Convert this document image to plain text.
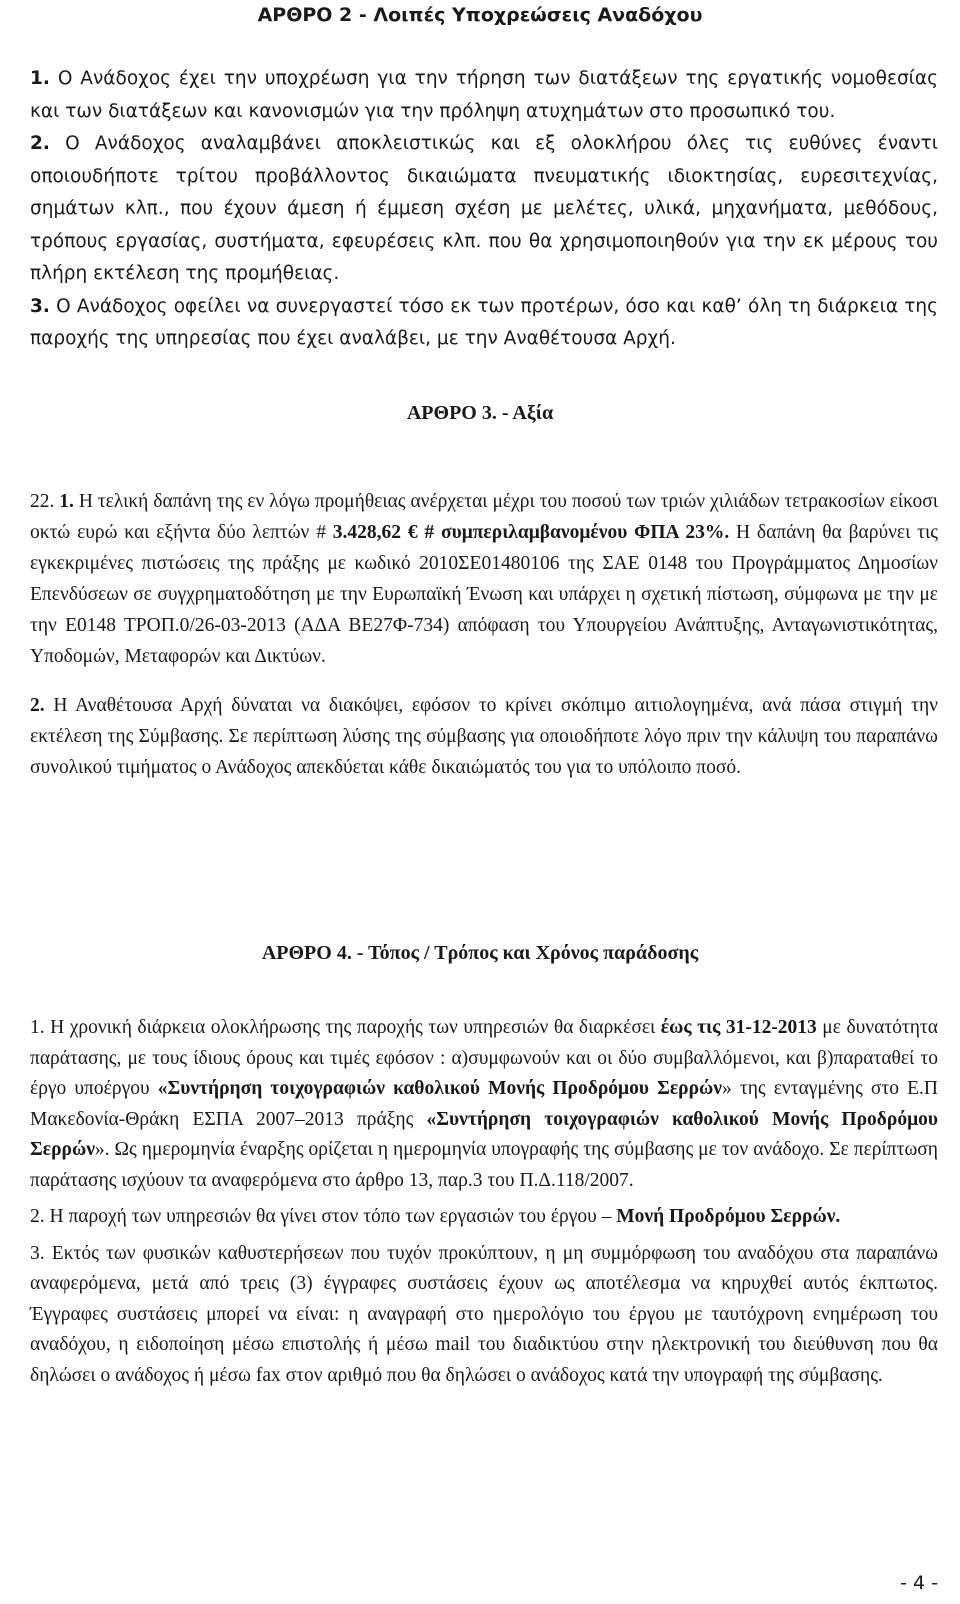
ΑΡΘΡΟ 2 - Λοιπές Υποχρεώσεις Αναδόχου

1. Ο Ανάδοχος έχει την υποχρέωση για την τήρηση των διατάξεων της εργατικής νομοθεσίας και των διατάξεων και κανονισμών για την πρόληψη ατυχημάτων στο προσωπικό του.

2. Ο Ανάδοχος αναλαμβάνει αποκλειστικώς και εξ ολοκλήρου όλες τις ευθύνες έναντι οποιουδήποτε τρίτου προβάλλοντος δικαιώματα πνευματικής ιδιοκτησίας, ευρεσιτεχνίας, σημάτων κλπ., που έχουν άμεση ή έμμεση σχέση με μελέτες, υλικά, μηχανήματα, μεθόδους, τρόπους εργασίας, συστήματα, εφευρέσεις κλπ. που θα χρησιμοποιηθούν για την εκ μέρους του πλήρη εκτέλεση της προμήθειας.

3. Ο Ανάδοχος οφείλει να συνεργαστεί τόσο εκ των προτέρων, όσο και καθ’ όλη τη διάρκεια της παροχής της υπηρεσίας που έχει αναλάβει, με την Αναθέτουσα Αρχή.

ΑΡΘΡΟ 3. - Αξία

22. 1. Η τελική δαπάνη της εν λόγω προμήθειας ανέρχεται μέχρι του ποσού των τριών χιλιάδων τετρακοσίων είκοσι οκτώ ευρώ και εξήντα δύο λεπτών # 3.428,62 € # συμπεριλαμβανομένου ΦΠΑ 23%. Η δαπάνη θα βαρύνει τις εγκεκριμένες πιστώσεις της πράξης με κωδικό 2010ΣΕ01480106 της ΣΑΕ 0148 του Προγράμματος Δημοσίων Επενδύσεων σε συγχρηματοδότηση με την Ευρωπαϊκή Ένωση και υπάρχει η σχετική πίστωση, σύμφωνα με την με την Ε0148 ΤΡΟΠ.0/26-03-2013 (ΑΔΑ ΒΕ27Φ-734) απόφαση του Υπουργείου Ανάπτυξης, Ανταγωνιστικότητας, Υποδομών, Μεταφορών και Δικτύων.

2. Η Αναθέτουσα Αρχή δύναται να διακόψει, εφόσον το κρίνει σκόπιμο αιτιολογημένα, ανά πάσα στιγμή την εκτέλεση της Σύμβασης. Σε περίπτωση λύσης της σύμβασης για οποιοδήποτε λόγο πριν την κάλυψη του παραπάνω συνολικού τιμήματος ο Ανάδοχος απεκδύεται κάθε δικαιώματός του για το υπόλοιπο ποσό.

ΑΡΘΡΟ 4. - Τόπος / Τρόπος και Χρόνος παράδοσης

1. Η χρονική διάρκεια ολοκλήρωσης της παροχής των υπηρεσιών θα διαρκέσει έως τις 31-12-2013 με δυνατότητα παράτασης, με τους ίδιους όρους και τιμές εφόσον : α)συμφωνούν και οι δύο συμβαλλόμενοι, και β)παραταθεί το έργο υποέργου «Συντήρηση τοιχογραφιών καθολικού Μονής Προδρόμου Σερρών» της ενταγμένης στο Ε.Π Μακεδονία-Θράκη ΕΣΠΑ 2007–2013 πράξης «Συντήρηση τοιχογραφιών καθολικού Μονής Προδρόμου Σερρών». Ως ημερομηνία έναρξης ορίζεται η ημερομηνία υπογραφής της σύμβασης με τον ανάδοχο. Σε περίπτωση παράτασης ισχύουν τα αναφερόμενα στο άρθρο 13, παρ.3 του Π.Δ.118/2007.

2. Η παροχή των υπηρεσιών θα γίνει στον τόπο των εργασιών του έργου – Μονή Προδρόμου Σερρών.

3. Εκτός των φυσικών καθυστερήσεων που τυχόν προκύπτουν, η μη συμμόρφωση του αναδόχου στα παραπάνω αναφερόμενα, μετά από τρεις (3) έγγραφες συστάσεις έχουν ως αποτέλεσμα να κηρυχθεί αυτός έκπτωτος. Έγγραφες συστάσεις μπορεί να είναι: η αναγραφή στο ημερολόγιο του έργου με ταυτόχρονη ενημέρωση του αναδόχου, η ειδοποίηση μέσω επιστολής ή μέσω mail του διαδικτύου στην ηλεκτρονική του διεύθυνση που θα δηλώσει ο ανάδοχος ή μέσω fax στον αριθμό που θα δηλώσει ο ανάδοχος κατά την υπογραφή της σύμβασης.

- 4 -
